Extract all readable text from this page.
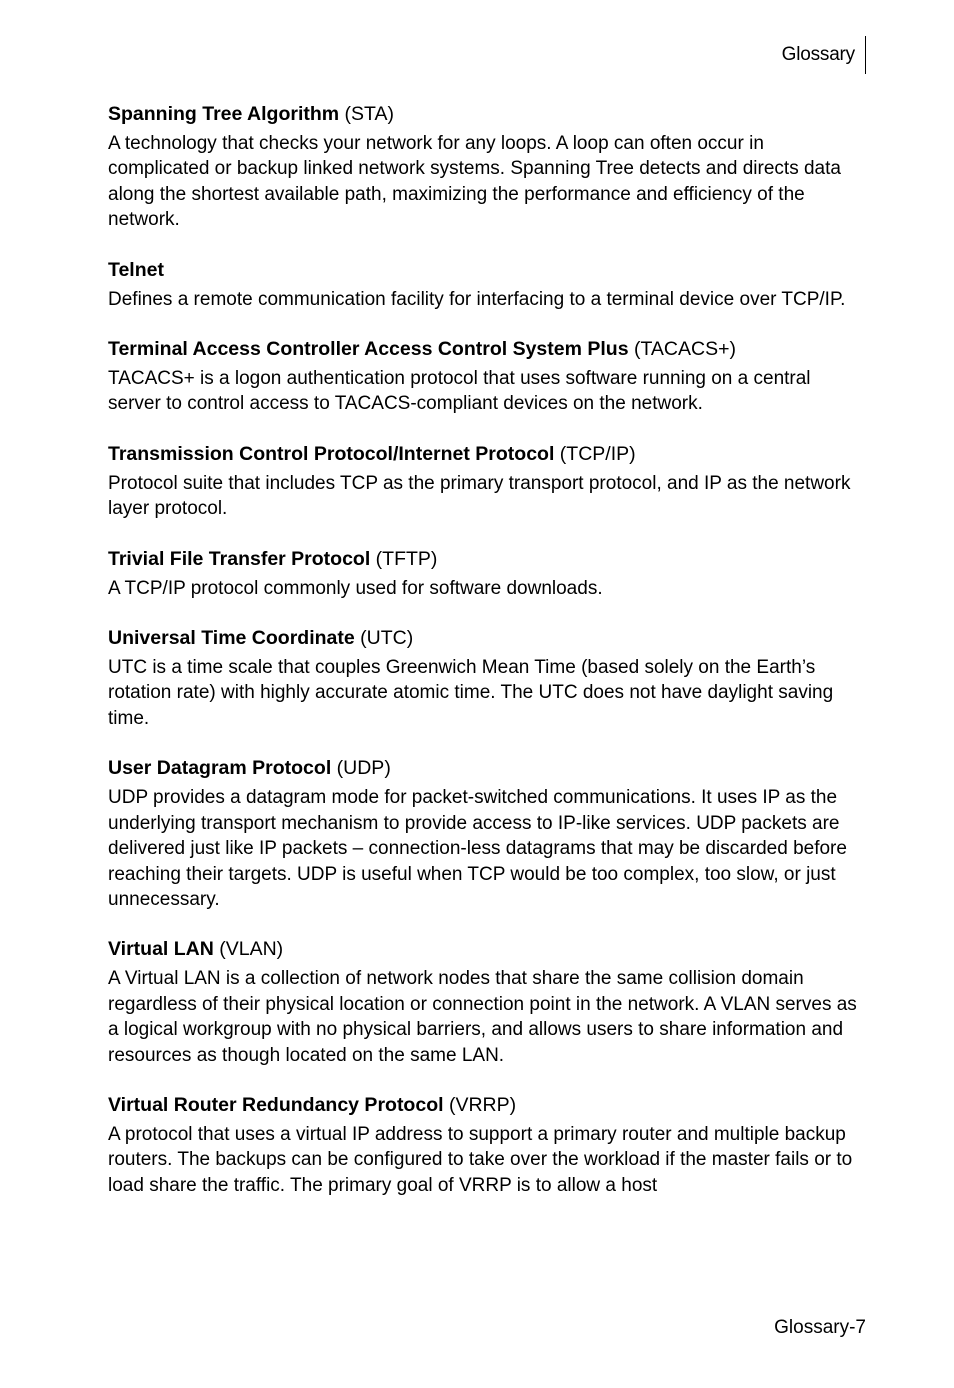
Glossary
Spanning Tree Algorithm (STA)

A technology that checks your network for any loops. A loop can often occur in complicated or backup linked network systems. Spanning Tree detects and directs data along the shortest available path, maximizing the performance and efficiency of the network.

Telnet

Defines a remote communication facility for interfacing to a terminal device over TCP/IP.

Terminal Access Controller Access Control System Plus (TACACS+)

TACACS+ is a logon authentication protocol that uses software running on a central server to control access to TACACS-compliant devices on the network.

Transmission Control Protocol/Internet Protocol (TCP/IP)

Protocol suite that includes TCP as the primary transport protocol, and IP as the network layer protocol.

Trivial File Transfer Protocol (TFTP)

A TCP/IP protocol commonly used for software downloads.

Universal Time Coordinate (UTC)

UTC is a time scale that couples Greenwich Mean Time (based solely on the Earth’s rotation rate) with highly accurate atomic time. The UTC does not have daylight saving time.

User Datagram Protocol (UDP)

UDP provides a datagram mode for packet-switched communications. It uses IP as the underlying transport mechanism to provide access to IP-like services. UDP packets are delivered just like IP packets – connection-less datagrams that may be discarded before reaching their targets. UDP is useful when TCP would be too complex, too slow, or just unnecessary.

Virtual LAN (VLAN)

A Virtual LAN is a collection of network nodes that share the same collision domain regardless of their physical location or connection point in the network. A VLAN serves as a logical workgroup with no physical barriers, and allows users to share information and resources as though located on the same LAN.

Virtual Router Redundancy Protocol (VRRP)

A protocol that uses a virtual IP address to support a primary router and multiple backup routers. The backups can be configured to take over the workload if the master fails or to load share the traffic. The primary goal of VRRP is to allow a host

Glossary-7
